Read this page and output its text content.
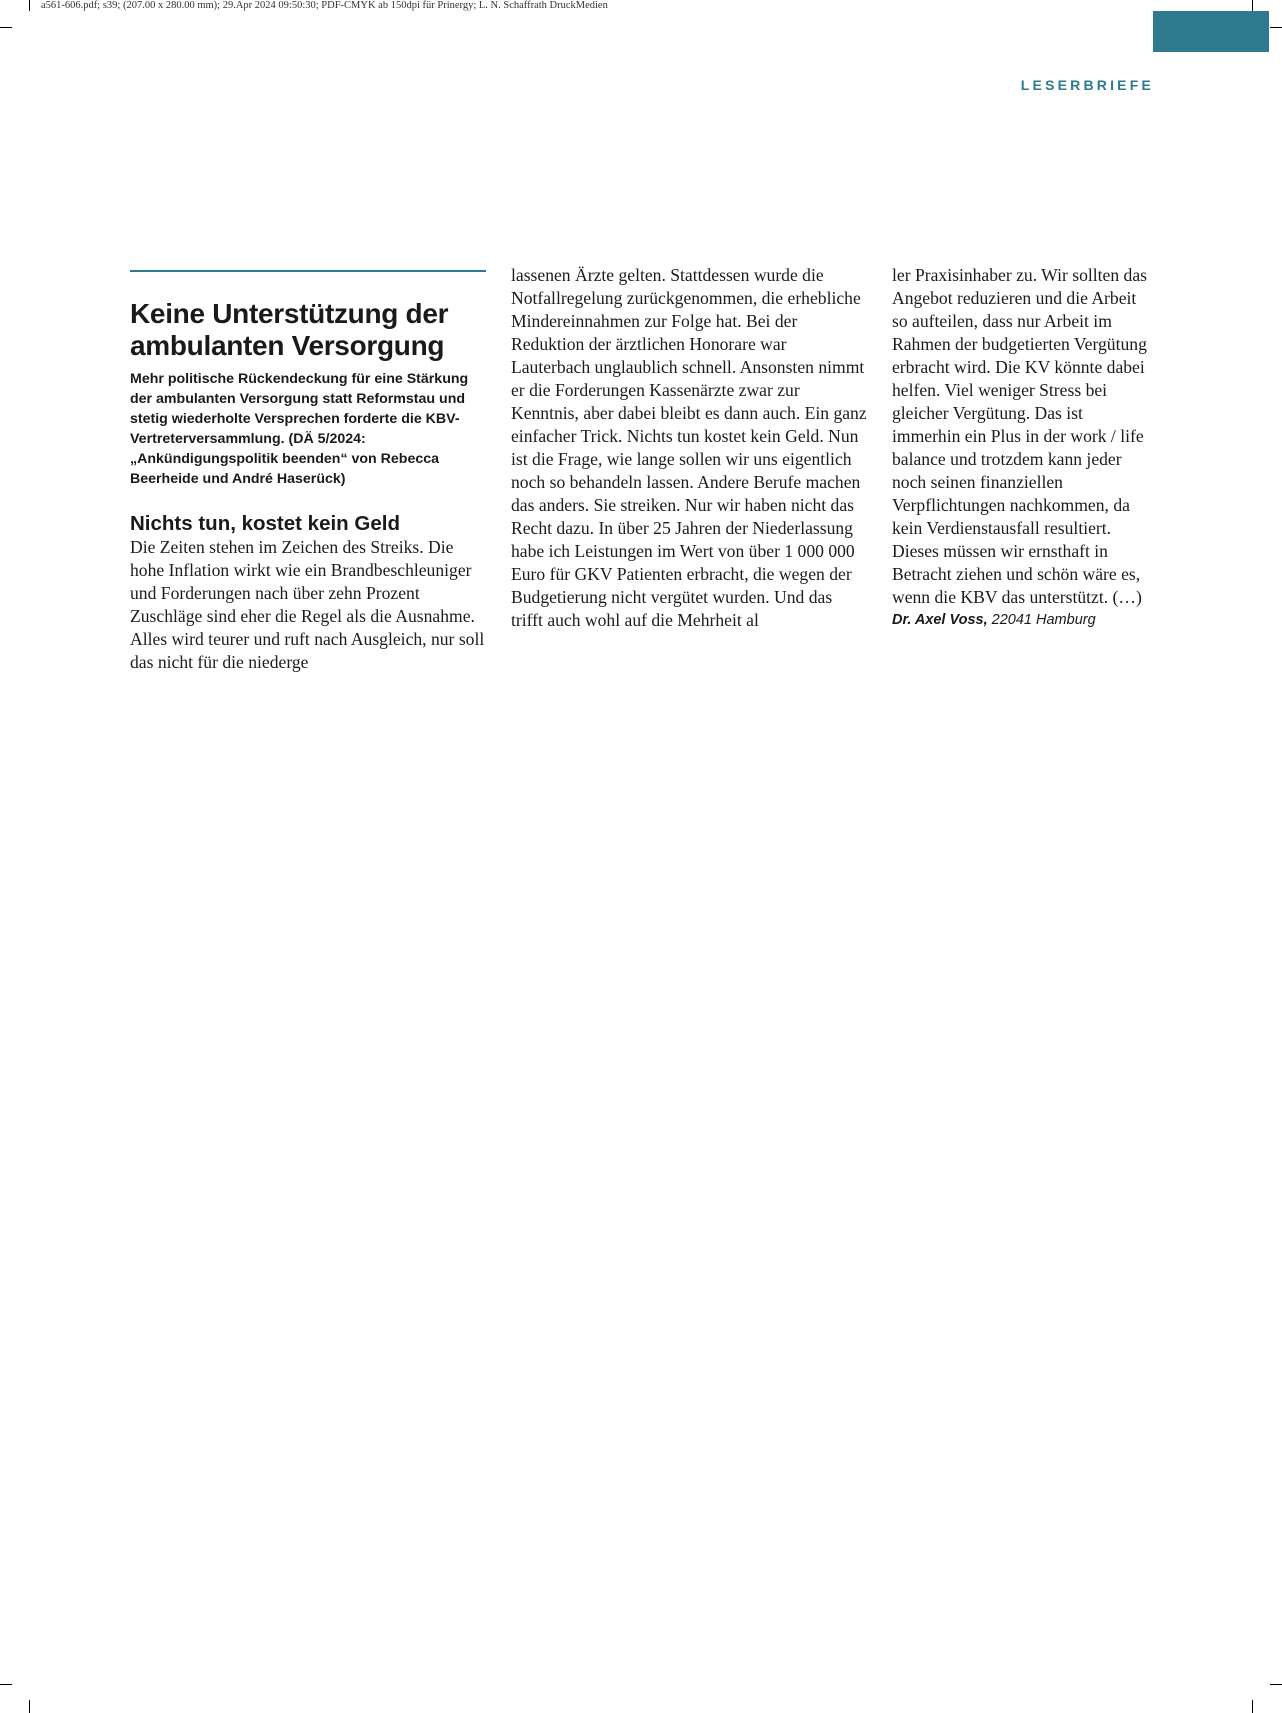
a561-606.pdf; s39; (207.00 x 280.00 mm); 29.Apr 2024 09:50:30; PDF-CMYK ab 150dpi für Prinergy; L. N. Schaffrath DruckMedien
LESERBRIEFE
Keine Unterstützung der ambulanten Versorgung
Mehr politische Rückendeckung für eine Stärkung der ambulanten Versorgung statt Reformstau und stetig wiederholte Versprechen forderte die KBV-Vertreterversammlung. (DÄ 5/2024: „Ankündigungspolitik beenden“ von Rebecca Beerheide und André Haserück)
Nichts tun, kostet kein Geld

Die Zeiten stehen im Zeichen des Streiks. Die hohe Inflation wirkt wie ein Brandbeschleuniger und Forderungen nach über zehn Prozent Zuschläge sind eher die Regel als die Ausnahme. Alles wird teurer und ruft nach Ausgleich, nur soll das nicht für die niederge

lassenen Ärzte gelten. Stattdessen wurde die Notfallregelung zurückgenommen, die erhebliche Mindereinnahmen zur Folge hat. Bei der Reduktion der ärztlichen Honorare war Lauterbach unglaublich schnell. Ansonsten nimmt er die Forderungen Kassenärzte zwar zur Kenntnis, aber dabei bleibt es dann auch. Ein ganz einfacher Trick. Nichts tun kostet kein Geld. Nun ist die Frage, wie lange sollen wir uns eigentlich noch so behandeln lassen. Andere Berufe machen das anders. Sie streiken. Nur wir haben nicht das Recht dazu. In über 25 Jahren der Niederlassung habe ich Leistungen im Wert von über 1 000 000 Euro für GKV Patienten erbracht, die wegen der Budgetierung nicht vergütet wurden. Und das trifft auch wohl auf die Mehrheit al

ler Praxisinhaber zu. Wir sollten das Angebot reduzieren und die Arbeit so aufteilen, dass nur Arbeit im Rahmen der budgetierten Vergütung erbracht wird. Die KV könnte dabei helfen. Viel weniger Stress bei gleicher Vergütung. Das ist immerhin ein Plus in der work / life balance und trotzdem kann jeder noch seinen finanziellen Verpflichtungen nachkommen, da kein Verdienstausfall resultiert. Dieses müssen wir ernsthaft in Betracht ziehen und schön wäre es, wenn die KBV das unterstützt. (…)

Dr. Axel Voss, 22041 Hamburg
